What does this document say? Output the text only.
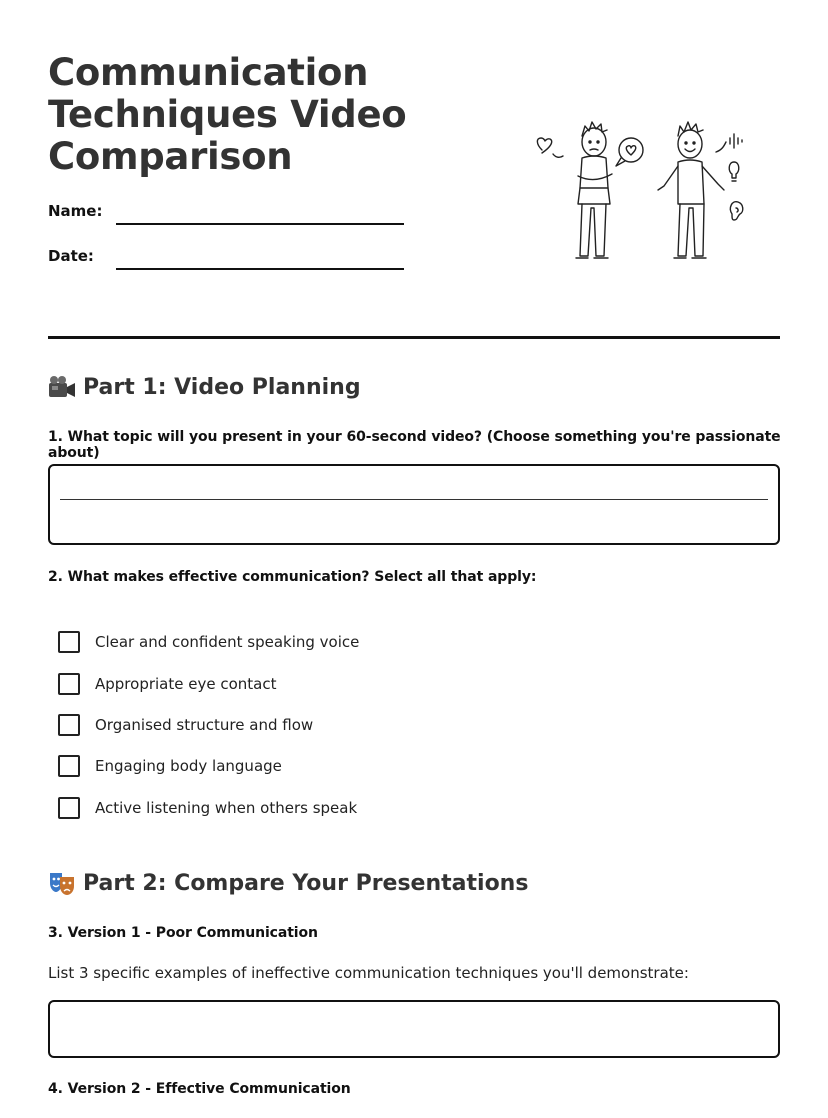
Communication
Techniques Video
Comparison
Name:
Date:
Part 1: Video Planning
1. What topic will you present in your 60-second video? (Choose something you're passionate about)
2. What makes effective communication? Select all that apply:
Clear and confident speaking voice
Appropriate eye contact
Organised structure and flow
Engaging body language
Active listening when others speak
Part 2: Compare Your Presentations
3. Version 1 - Poor Communication
List 3 specific examples of ineffective communication techniques you'll demonstrate:
4. Version 2 - Effective Communication
